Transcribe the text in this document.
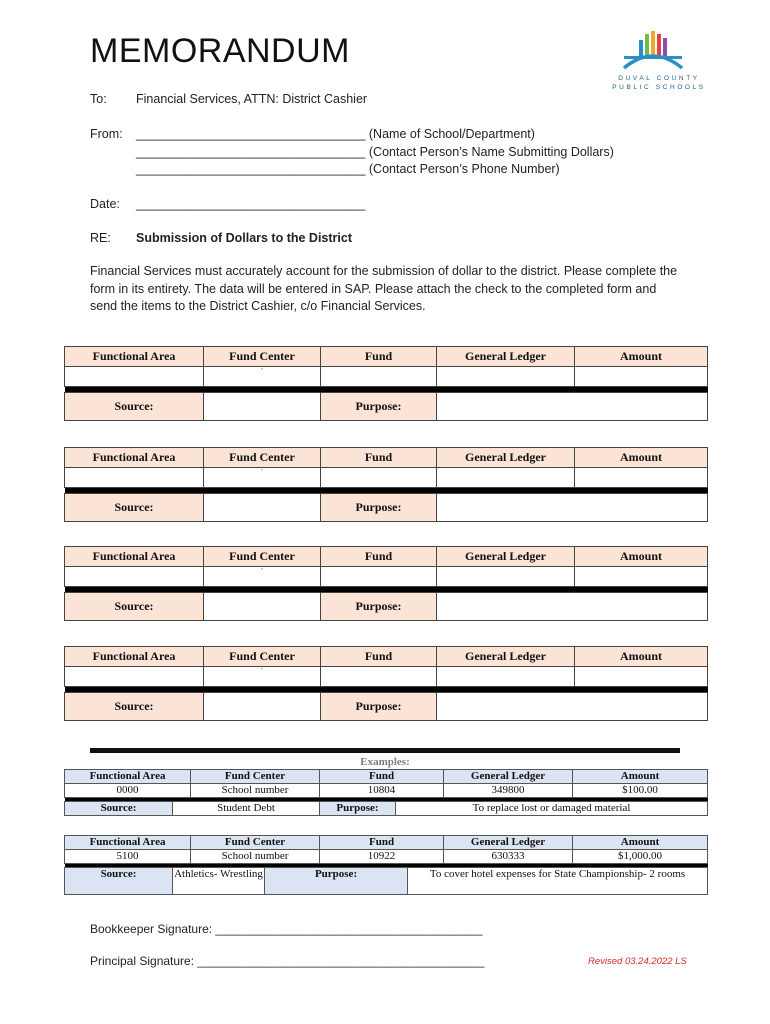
MEMORANDUM
DUVAL COUNTY
PUBLIC SCHOOLS
To: Financial Services, ATTN: District Cashier
From: _________________________________ (Name of School/Department)
_________________________________ (Contact Person’s Name Submitting Dollars)
_________________________________ (Contact Person’s Phone Number)
Date: _________________________________
RE: Submission of Dollars to the District
Financial Services must accurately account for the submission of dollar to the district. Please complete the form in its entirety. The data will be entered in SAP. Please attach the check to the completed form and send the items to the District Cashier, c/o Financial Services.
Functional Area	Fund Center	Fund	General Ledger	Amount
	`			

Source:		Purpose:		
Functional Area	Fund Center	Fund	General Ledger	Amount
	`			

Source:		Purpose:		
Functional Area	Fund Center	Fund	General Ledger	Amount
	`			

Source:		Purpose:		
Functional Area	Fund Center	Fund	General Ledger	Amount
	`			

Source:		Purpose:		
Examples:
Functional Area		Fund Center	Fund		General Ledger	Amount
0000		School number	10804		349800	$100.00

Source:	Student Debt		Purpose:	To replace lost or damaged material		
Functional Area		Fund Center		Fund		General Ledger	Amount
5100		School number		10922		630333	$1,000.00

Source:	Athletics- Wrestling		Purpose:		To cover hotel expenses for State Championship- 2 rooms		
Bookkeeper Signature: ________________________________________
Principal Signature: ___________________________________________	Revised 03.24.2022 LS
